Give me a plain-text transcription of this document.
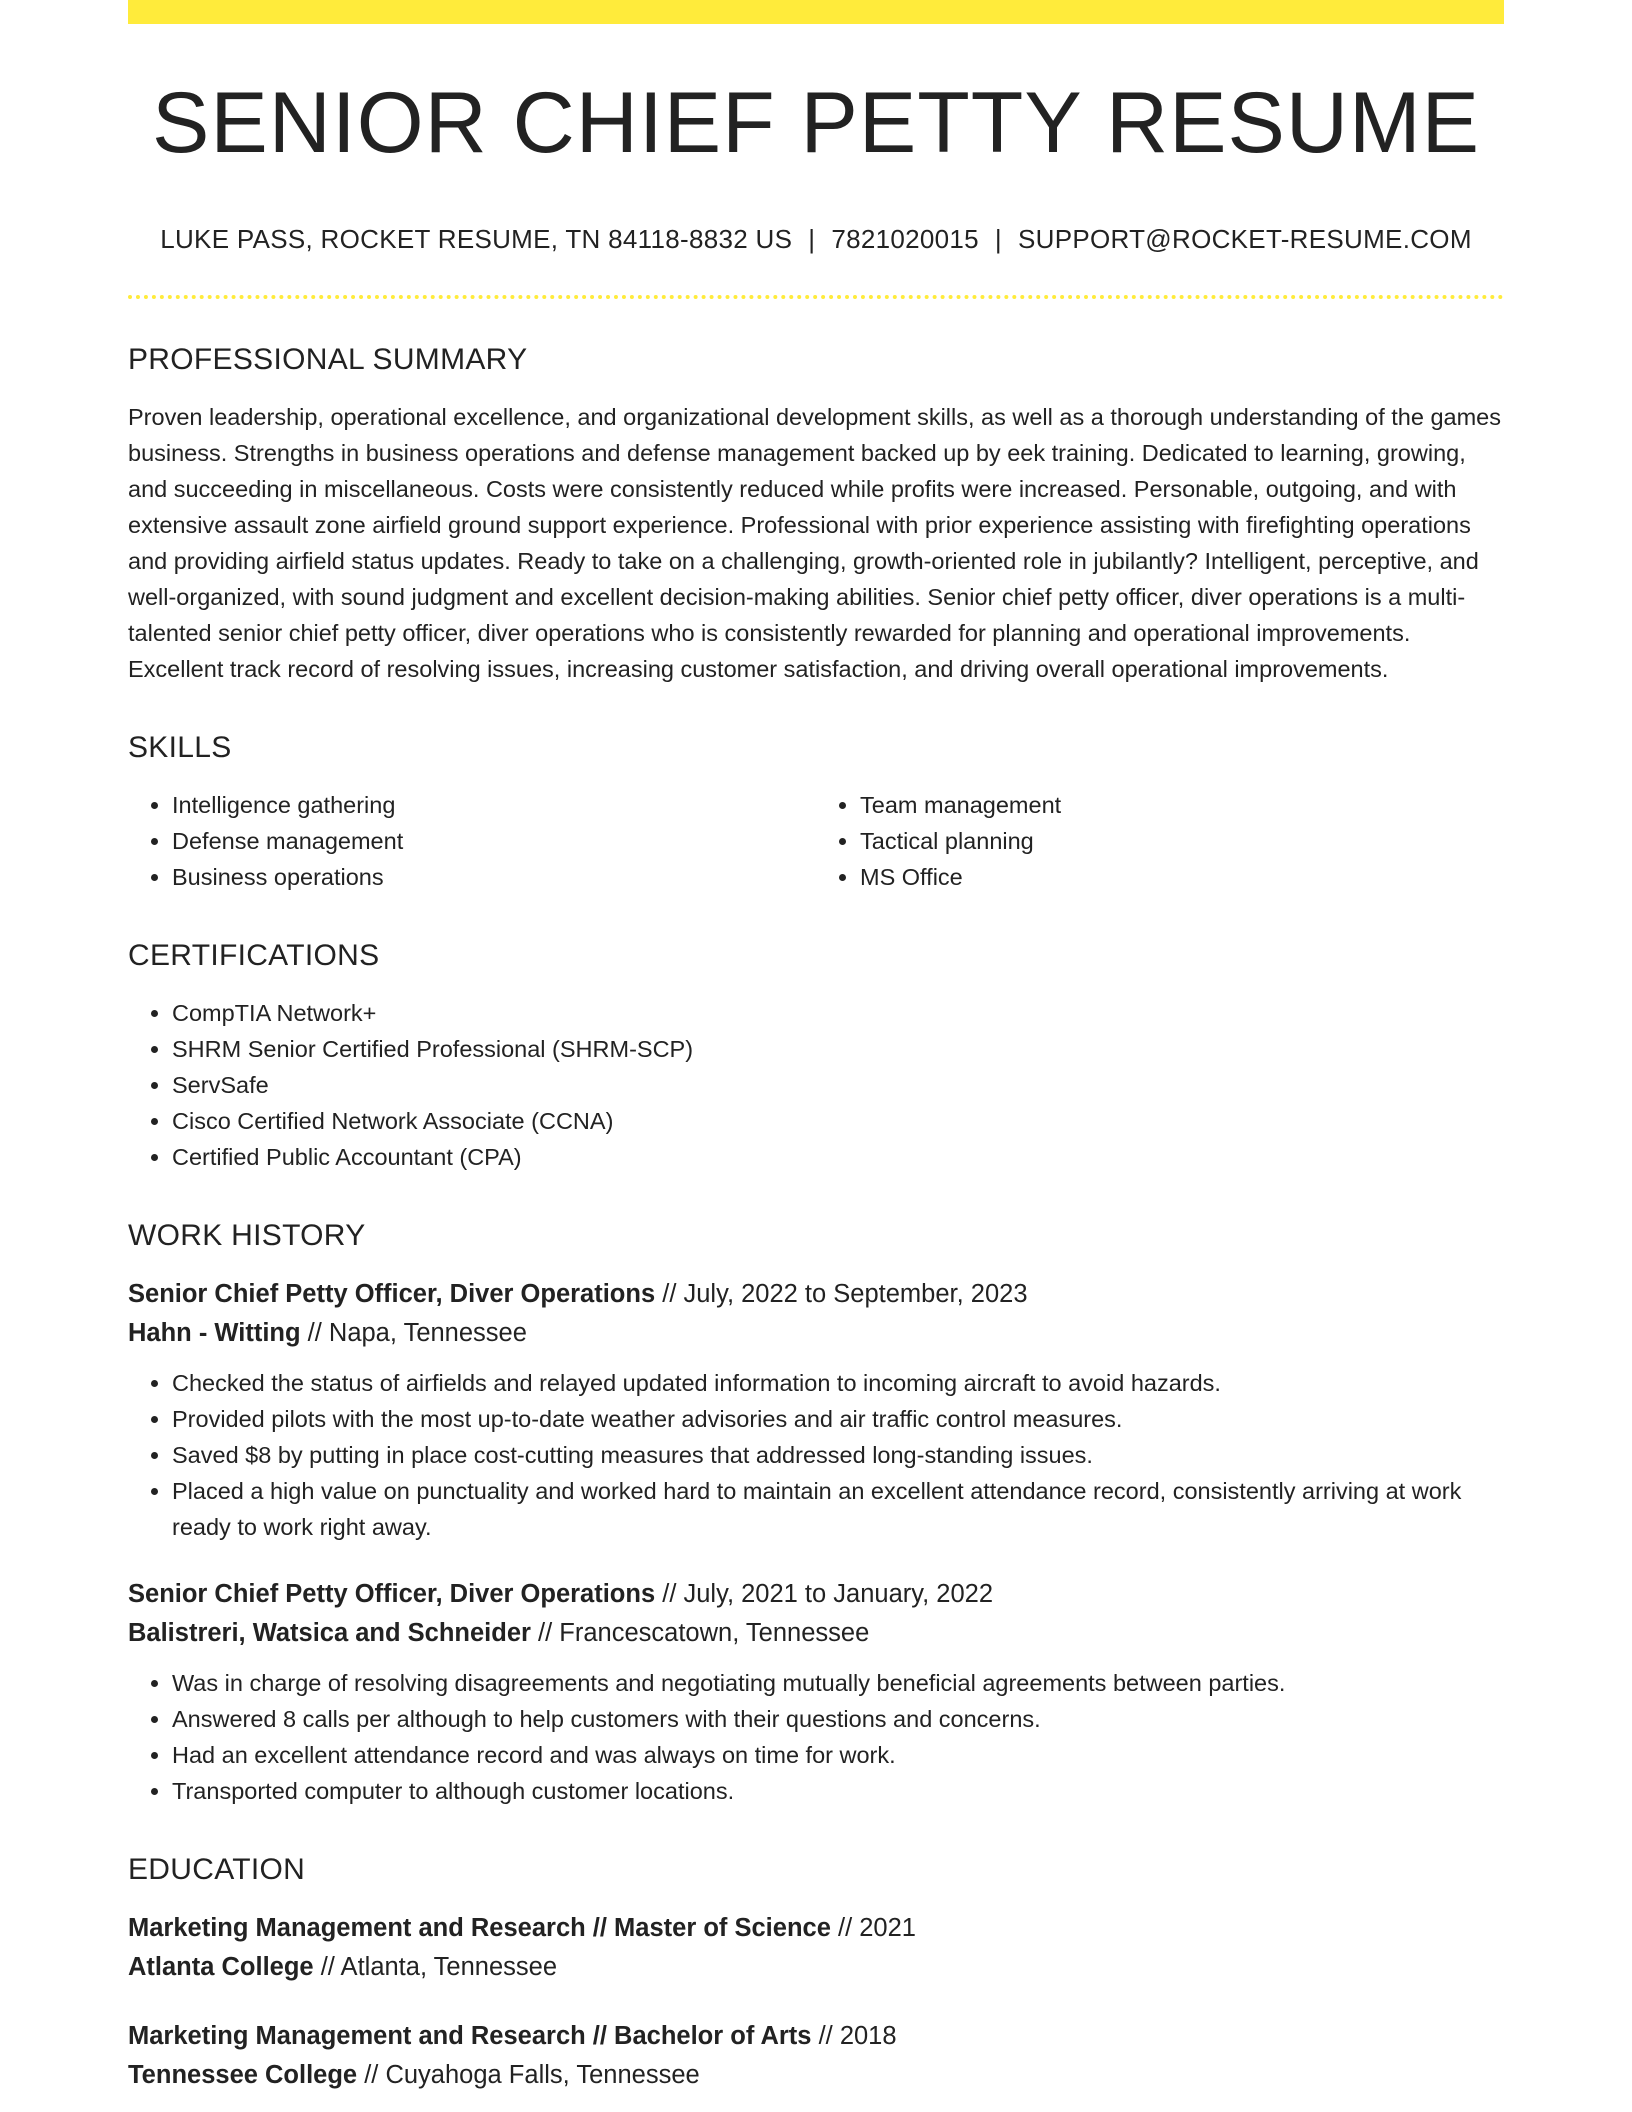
SENIOR CHIEF PETTY RESUME
LUKE PASS, ROCKET RESUME, TN 84118-8832 US | 7821020015 | SUPPORT@ROCKET-RESUME.COM
PROFESSIONAL SUMMARY

Proven leadership, operational excellence, and organizational development skills, as well as a thorough understanding of the games business. Strengths in business operations and defense management backed up by eek training. Dedicated to learning, growing, and succeeding in miscellaneous. Costs were consistently reduced while profits were increased. Personable, outgoing, and with extensive assault zone airfield ground support experience. Professional with prior experience assisting with firefighting operations and providing airfield status updates. Ready to take on a challenging, growth-oriented role in jubilantly? Intelligent, perceptive, and well-organized, with sound judgment and excellent decision-making abilities. Senior chief petty officer, diver operations is a multi-talented senior chief petty officer, diver operations who is consistently rewarded for planning and operational improvements. Excellent track record of resolving issues, increasing customer satisfaction, and driving overall operational improvements.

SKILLS
• Intelligence gathering
• Defense management
• Business operations
• Team management
• Tactical planning
• MS Office
CERTIFICATIONS
• CompTIA Network+
• SHRM Senior Certified Professional (SHRM-SCP)
• ServSafe
• Cisco Certified Network Associate (CCNA)
• Certified Public Accountant (CPA)
WORK HISTORY
Senior Chief Petty Officer, Diver Operations // July, 2022 to September, 2023
Hahn - Witting // Napa, Tennessee
• Checked the status of airfields and relayed updated information to incoming aircraft to avoid hazards.
• Provided pilots with the most up-to-date weather advisories and air traffic control measures.
• Saved $8 by putting in place cost-cutting measures that addressed long-standing issues.
• Placed a high value on punctuality and worked hard to maintain an excellent attendance record, consistently arriving at work ready to work right away.
Senior Chief Petty Officer, Diver Operations // July, 2021 to January, 2022
Balistreri, Watsica and Schneider // Francescatown, Tennessee
• Was in charge of resolving disagreements and negotiating mutually beneficial agreements between parties.
• Answered 8 calls per although to help customers with their questions and concerns.
• Had an excellent attendance record and was always on time for work.
• Transported computer to although customer locations.
EDUCATION
Marketing Management and Research // Master of Science // 2021
Atlanta College // Atlanta, Tennessee
Marketing Management and Research // Bachelor of Arts // 2018
Tennessee College // Cuyahoga Falls, Tennessee
